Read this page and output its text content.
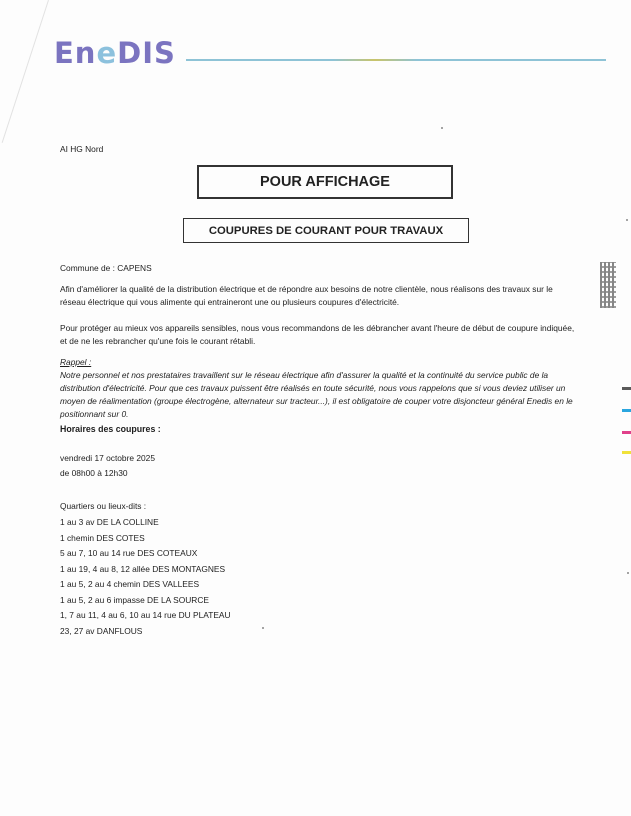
EneDIS
AI HG Nord
POUR AFFICHAGE
COUPURES DE COURANT POUR TRAVAUX
Commune de : CAPENS
Afin d'améliorer la qualité de la distribution électrique et de répondre aux besoins de notre clientèle, nous réalisons des travaux sur le réseau électrique qui vous alimente qui entraineront une ou plusieurs coupures d'électricité.
Pour protéger au mieux vos appareils sensibles, nous vous recommandons de les débrancher avant l'heure de début de coupure indiquée, et de ne les rebrancher qu'une fois le courant rétabli.
Rappel :
Notre personnel et nos prestataires travaillent sur le réseau électrique afin d'assurer la qualité et la continuité du service public de la distribution d'électricité. Pour que ces travaux puissent être réalisés en toute sécurité, nous vous rappelons que si vous deviez utiliser un moyen de réalimentation (groupe électrogène, alternateur sur tracteur...), il est obligatoire de couper votre disjoncteur général Enedis en le positionnant sur 0.
Horaires des coupures :
vendredi 17 octobre 2025
de 08h00 à 12h30
Quartiers ou lieux-dits :
1 au 3 av DE LA COLLINE
1 chemin DES COTES
5 au 7, 10 au 14 rue DES COTEAUX
1 au 19, 4 au 8, 12 allée DES MONTAGNES
1 au 5, 2 au 4 chemin DES VALLEES
1 au 5, 2 au 6 impasse DE LA SOURCE
1, 7 au 11, 4 au 6, 10 au 14 rue DU PLATEAU
23, 27 av DANFLOUS
